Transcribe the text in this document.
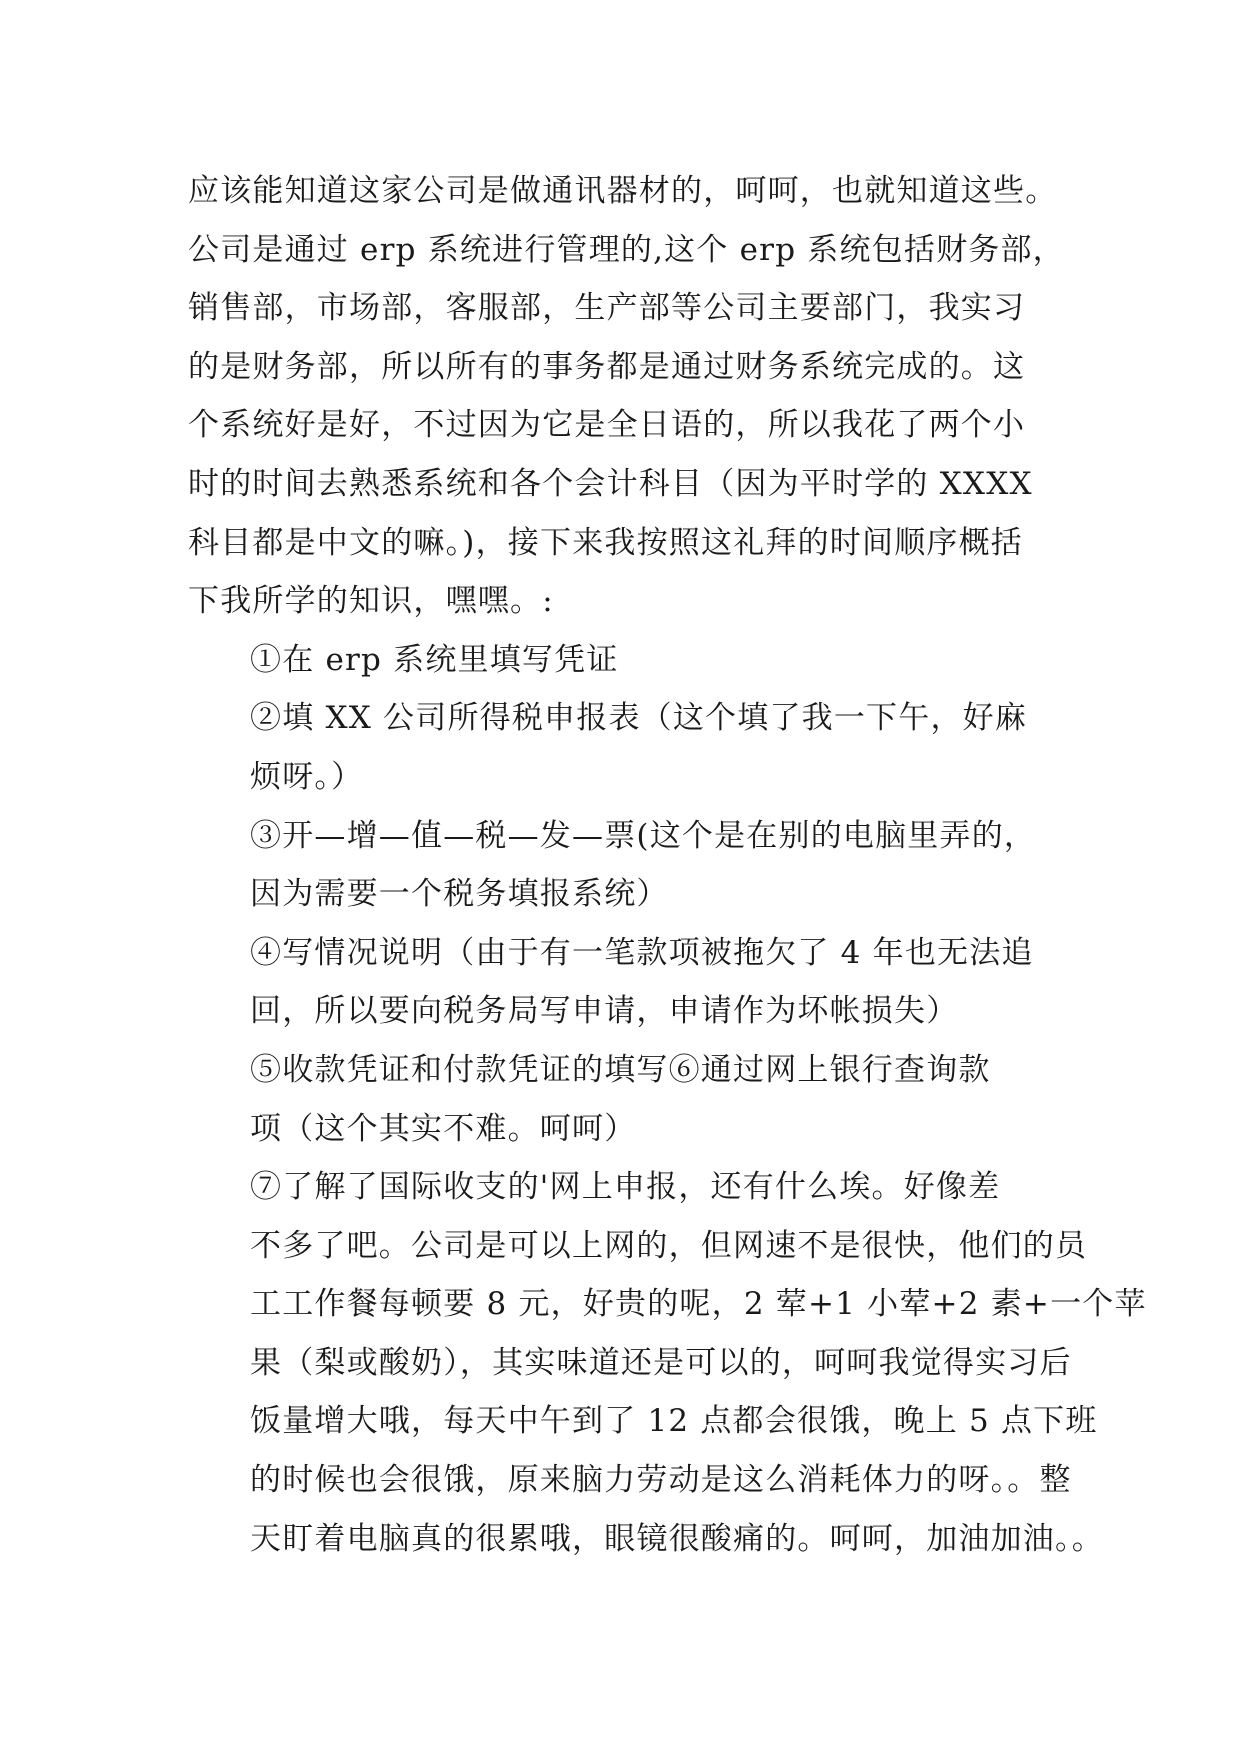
应该能知道这家公司是做通讯器材的，呵呵，也就知道这些。
公司是通过 erp 系统进行管理的,这个 erp 系统包括财务部，
销售部，市场部，客服部，生产部等公司主要部门，我实习
的是财务部，所以所有的事务都是通过财务系统完成的。这
个系统好是好，不过因为它是全日语的，所以我花了两个小
时的时间去熟悉系统和各个会计科目（因为平时学的 XXXX
科目都是中文的嘛。)，接下来我按照这礼拜的时间顺序概括
下我所学的知识，嘿嘿。:

①在 erp 系统里填写凭证

②填 XX 公司所得税申报表（这个填了我一下午，好麻
烦呀。）

③开—增—值—税—发—票(这个是在别的电脑里弄的，
因为需要一个税务填报系统）

④写情况说明（由于有一笔款项被拖欠了 4 年也无法追
回，所以要向税务局写申请，申请作为坏帐损失）

⑤收款凭证和付款凭证的填写⑥通过网上银行查询款
项（这个其实不难。呵呵）

⑦了解了国际收支的'网上申报，还有什么埃。好像差
不多了吧。公司是可以上网的，但网速不是很快，他们的员
工工作餐每顿要 8 元，好贵的呢，2 荤+1 小荤+2 素+一个苹
果（梨或酸奶），其实味道还是可以的，呵呵我觉得实习后
饭量增大哦，每天中午到了 12 点都会很饿，晚上 5 点下班
的时候也会很饿，原来脑力劳动是这么消耗体力的呀。。整
天盯着电脑真的很累哦，眼镜很酸痛的。呵呵，加油加油。。
